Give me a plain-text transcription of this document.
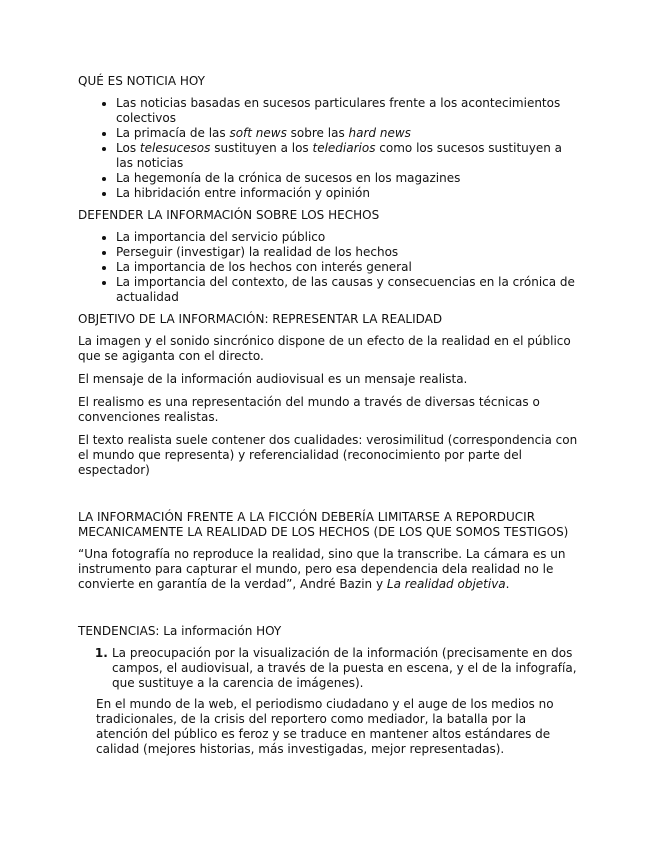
QUÉ ES NOTICIA HOY

• Las noticias basadas en sucesos particulares frente a los acontecimientos colectivos
• La primacía de las soft news sobre las hard news
• Los telesucesos sustituyen a los telediarios como los sucesos sustituyen a las noticias
• La hegemonía de la crónica de sucesos en los magazines
• La hibridación entre información y opinión

DEFENDER LA INFORMACIÓN SOBRE LOS HECHOS

• La importancia del servicio público
• Perseguir (investigar) la realidad de los hechos
• La importancia de los hechos con interés general
• La importancia del contexto, de las causas y consecuencias en la crónica de actualidad

OBJETIVO DE LA INFORMACIÓN: REPRESENTAR LA REALIDAD

La imagen y el sonido sincrónico dispone de un efecto de la realidad en el público que se agiganta con el directo.

El mensaje de la información audiovisual es un mensaje realista.

El realismo es una representación del mundo a través de diversas técnicas o convenciones realistas.

El texto realista suele contener dos cualidades: verosimilitud (correspondencia con el mundo que representa) y referencialidad (reconocimiento por parte del espectador)

LA INFORMACIÓN FRENTE A LA FICCIÓN DEBERÍA LIMITARSE A REPORDUCIR MECANICAMENTE LA REALIDAD DE LOS HECHOS (DE LOS QUE SOMOS TESTIGOS)

“Una fotografía no reproduce la realidad, sino que la transcribe. La cámara es un instrumento para capturar el mundo, pero esa dependencia dela realidad no le convierte en garantía de la verdad”, André Bazin y La realidad objetiva.

TENDENCIAS: La información HOY

1. La preocupación por la visualización de la información (precisamente en dos campos, el audiovisual, a través de la puesta en escena, y el de la infografía, que sustituye a la carencia de imágenes).

En el mundo de la web, el periodismo ciudadano y el auge de los medios no tradicionales, de la crisis del reportero como mediador, la batalla por la atención del público es feroz y se traduce en mantener altos estándares de calidad (mejores historias, más investigadas, mejor representadas).
